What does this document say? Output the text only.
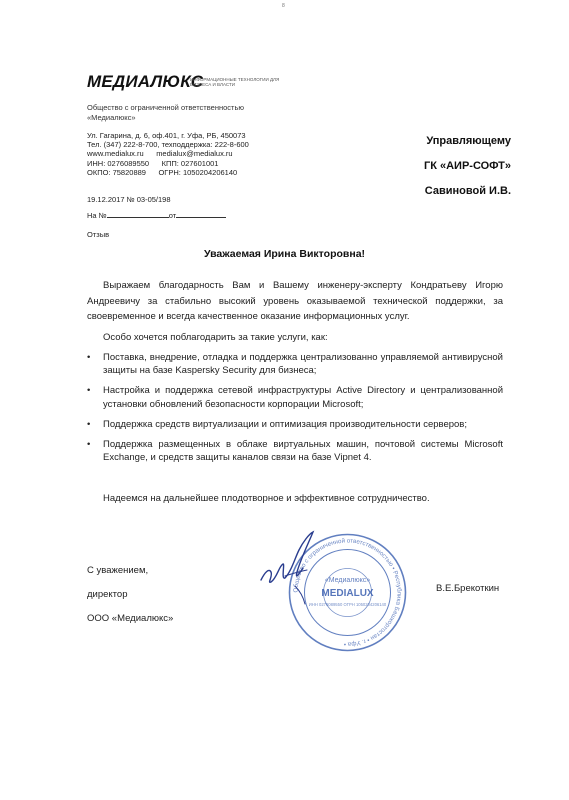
8
МЕДИАЛЮКС
ИНФОРМАЦИОННЫЕ ТЕХНОЛОГИИ ДЛЯ БИЗНЕСА И ВЛАСТИ
Общество с ограниченной ответственностью
«Медиалюкс»
Ул. Гагарина, д. 6, оф.401, г. Уфа, РБ, 450073
Тел. (347) 222-8-700, техподдержка: 222-8-600
www.medialux.ru      medialux@medialux.ru
ИНН: 0276089550      КПП: 027601001
ОКПО: 75820889      ОГРН: 1050204206140
Управляющему
ГК «АИР-СОФТ»
Савиновой И.В.
19.12.2017 № 03-05/198
На №	от
Отзыв
Уважаемая Ирина Викторовна!
Выражаем благодарность Вам и Вашему инженеру-эксперту Кондратьеву Игорю Андреевичу за стабильно высокий уровень оказываемой технической поддержки, за своевременное и всегда качественное оказание информационных услуг.
Особо хочется поблагодарить за такие услуги, как:
• Поставка, внедрение, отладка и поддержка централизованно управляемой антивирусной защиты на базе Kaspersky Security для бизнеса;
• Настройка и поддержка сетевой инфраструктуры Active Directory и централизованной установки обновлений безопасности корпорации Microsoft;
• Поддержка средств виртуализации и оптимизация производительности серверов;
• Поддержка размещенных в облаке виртуальных машин, почтовой системы Microsoft Exchange, и средств защиты каналов связи на базе Vipnet 4.
Надеемся на дальнейшее плодотворное и эффективное сотрудничество.
С уважением,
директор
ООО «Медиалюкс»
В.Е.Брекоткин
Общество с ограниченной ответственностью • Республика Башкортостан • г. Уфа •
«Медиалюкс»
MEDIALUX
ИНН 0276089550 ОГРН 1050204206140
